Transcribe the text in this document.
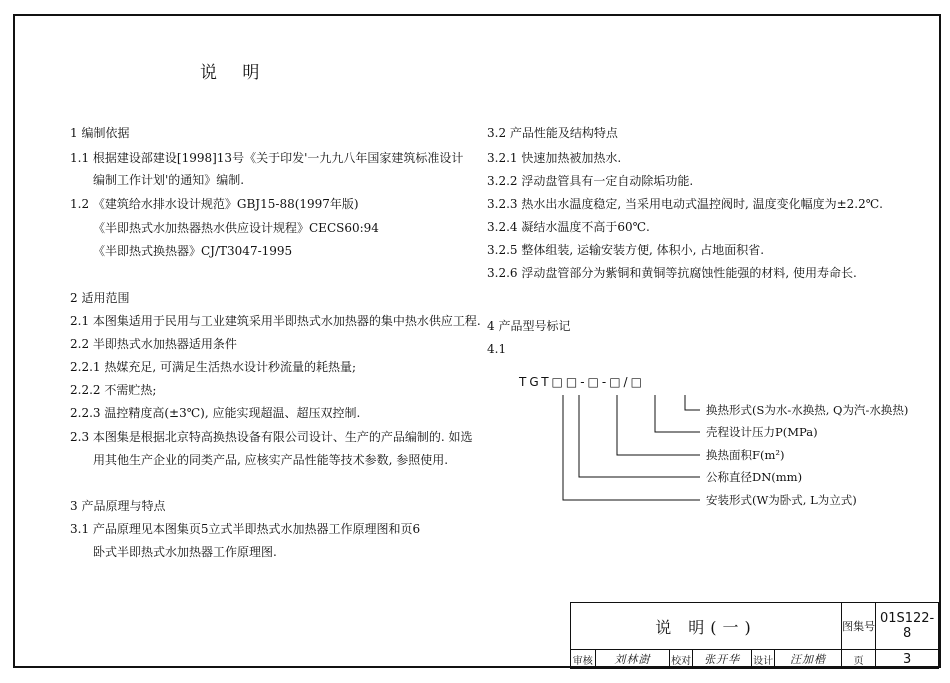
说 明
1 编制依据
1.1 根据建设部建设[1998]13号《关于印发'一九九八年国家建筑标准设计
编制工作计划'的通知》编制.
1.2 《建筑给水排水设计规范》GBJ15-88(1997年版)
《半即热式水加热器热水供应设计规程》CECS60:94
《半即热式换热器》CJ/T3047-1995
2 适用范围
2.1 本图集适用于民用与工业建筑采用半即热式水加热器的集中热水供应工程.
2.2 半即热式水加热器适用条件
2.2.1 热媒充足, 可满足生活热水设计秒流量的耗热量;
2.2.2 不需贮热;
2.2.3 温控精度高(±3℃), 应能实现超温、超压双控制.
2.3 本图集是根据北京特高换热设备有限公司设计、生产的产品编制的. 如选
用其他生产企业的同类产品, 应核实产品性能等技术参数, 参照使用.
3 产品原理与特点
3.1 产品原理见本图集页5立式半即热式水加热器工作原理图和页6
卧式半即热式水加热器工作原理图.
3.2 产品性能及结构特点
3.2.1 快速加热被加热水.
3.2.2 浮动盘管具有一定自动除垢功能.
3.2.3 热水出水温度稳定, 当采用电动式温控阀时, 温度变化幅度为±2.2℃.
3.2.4 凝结水温度不高于60℃.
3.2.5 整体组装, 运输安装方便, 体积小, 占地面积省.
3.2.6 浮动盘管部分为紫铜和黄铜等抗腐蚀性能强的材料, 使用寿命长.
4 产品型号标记
4.1
TGT□□-□-□/□
换热形式(S为水-水换热, Q为汽-水换热)
壳程设计压力P(MPa)
换热面积F(m²)
公称直径DN(mm)
安装形式(W为卧式, L为立式)
说 明(一)						图集号	01S122-8
审核	刘林澍	校对	张开华	设计	汪加楷	页	3
